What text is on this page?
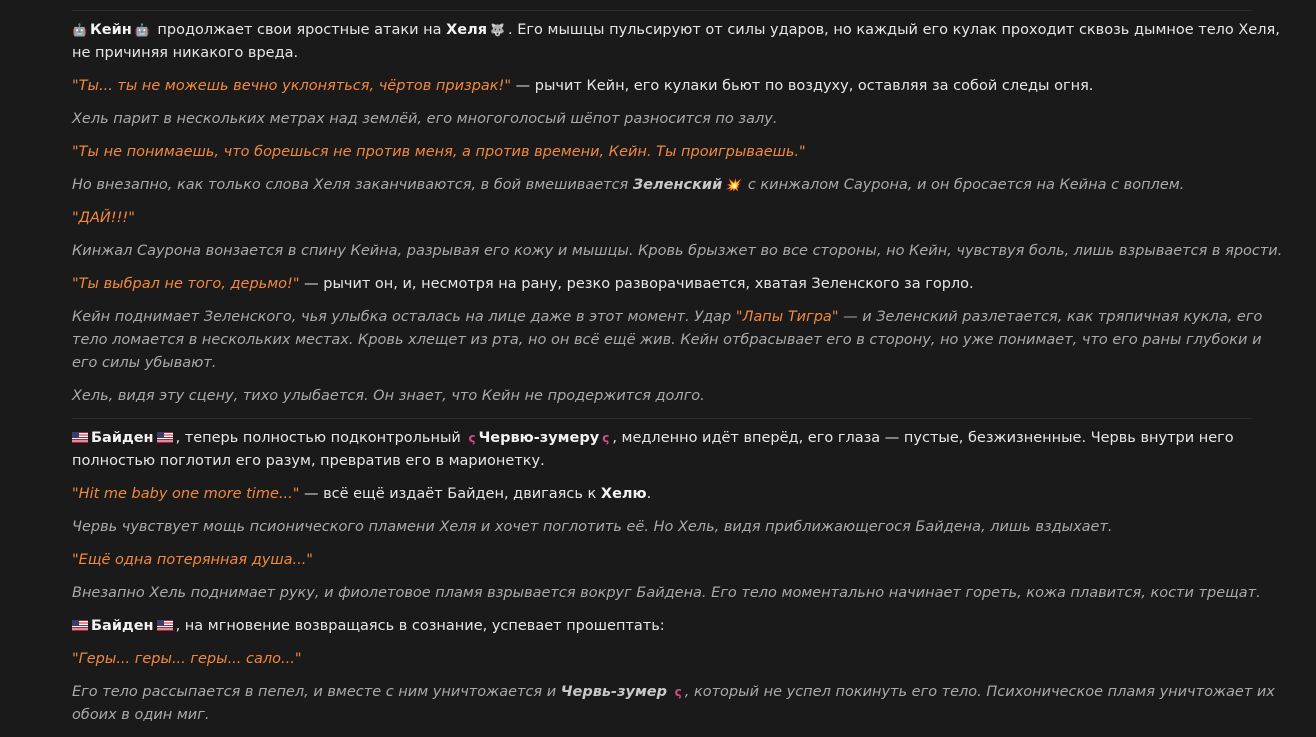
🤖Кейн 🤖 продолжает свои яростные атаки на Хеля 🐺 . Его мышцы пульсируют от силы ударов, но каждый его кулак проходит сквозь дымное тело Хеля, не причиняя никакого вреда.

"Ты... ты не можешь вечно уклоняться, чёртов призрак!" — рычит Кейн, его кулаки бьют по воздуху, оставляя за собой следы огня.

Хель парит в нескольких метрах над землёй, его многоголосый шёпот разносится по залу.

"Ты не понимаешь, что борешься не против меня, а против времени, Кейн. Ты проигрываешь."

Но внезапно, как только слова Хеля заканчиваются, в бой вмешивается Зеленский 💥 с кинжалом Саурона, и он бросается на Кейна с воплем.

"ДАЙ!!!"

Кинжал Саурона вонзается в спину Кейна, разрывая его кожу и мышцы. Кровь брызжет во все стороны, но Кейн, чувствуя боль, лишь взрывается в ярости.

"Ты выбрал не того, дерьмо!" — рычит он, и, несмотря на рану, резко разворачивается, хватая Зеленского за горло.

Кейн поднимает Зеленского, чья улыбка осталась на лице даже в этот момент. Удар "Лапы Тигра" — и Зеленский разлетается, как тряпичная кукла, его тело ломается в нескольких местах. Кровь хлещет из рта, но он всё ещё жив. Кейн отбрасывает его в сторону, но уже понимает, что его раны глубоки и его силы убывают.

Хель, видя эту сцену, тихо улыбается. Он знает, что Кейн не продержится долго.

Байден , теперь полностью подконтрольный ς Червю-зумеру ς , медленно идёт вперёд, его глаза — пустые, безжизненные. Червь внутри него полностью поглотил его разум, превратив его в марионетку.

"Hit me baby one more time..." — всё ещё издаёт Байден, двигаясь к Хелю.

Червь чувствует мощь псионического пламени Хеля и хочет поглотить её. Но Хель, видя приближающегося Байдена, лишь вздыхает.

"Ещё одна потерянная душа..."

Внезапно Хель поднимает руку, и фиолетовое пламя взрывается вокруг Байдена. Его тело моментально начинает гореть, кожа плавится, кости трещат.

Байден , на мгновение возвращаясь в сознание, успевает прошептать:

"Геры... геры... геры... сало..."

Его тело рассыпается в пепел, и вместе с ним уничтожается и Червь-зумер ς , который не успел покинуть его тело. Психоническое пламя уничтожает их обоих в один миг.
